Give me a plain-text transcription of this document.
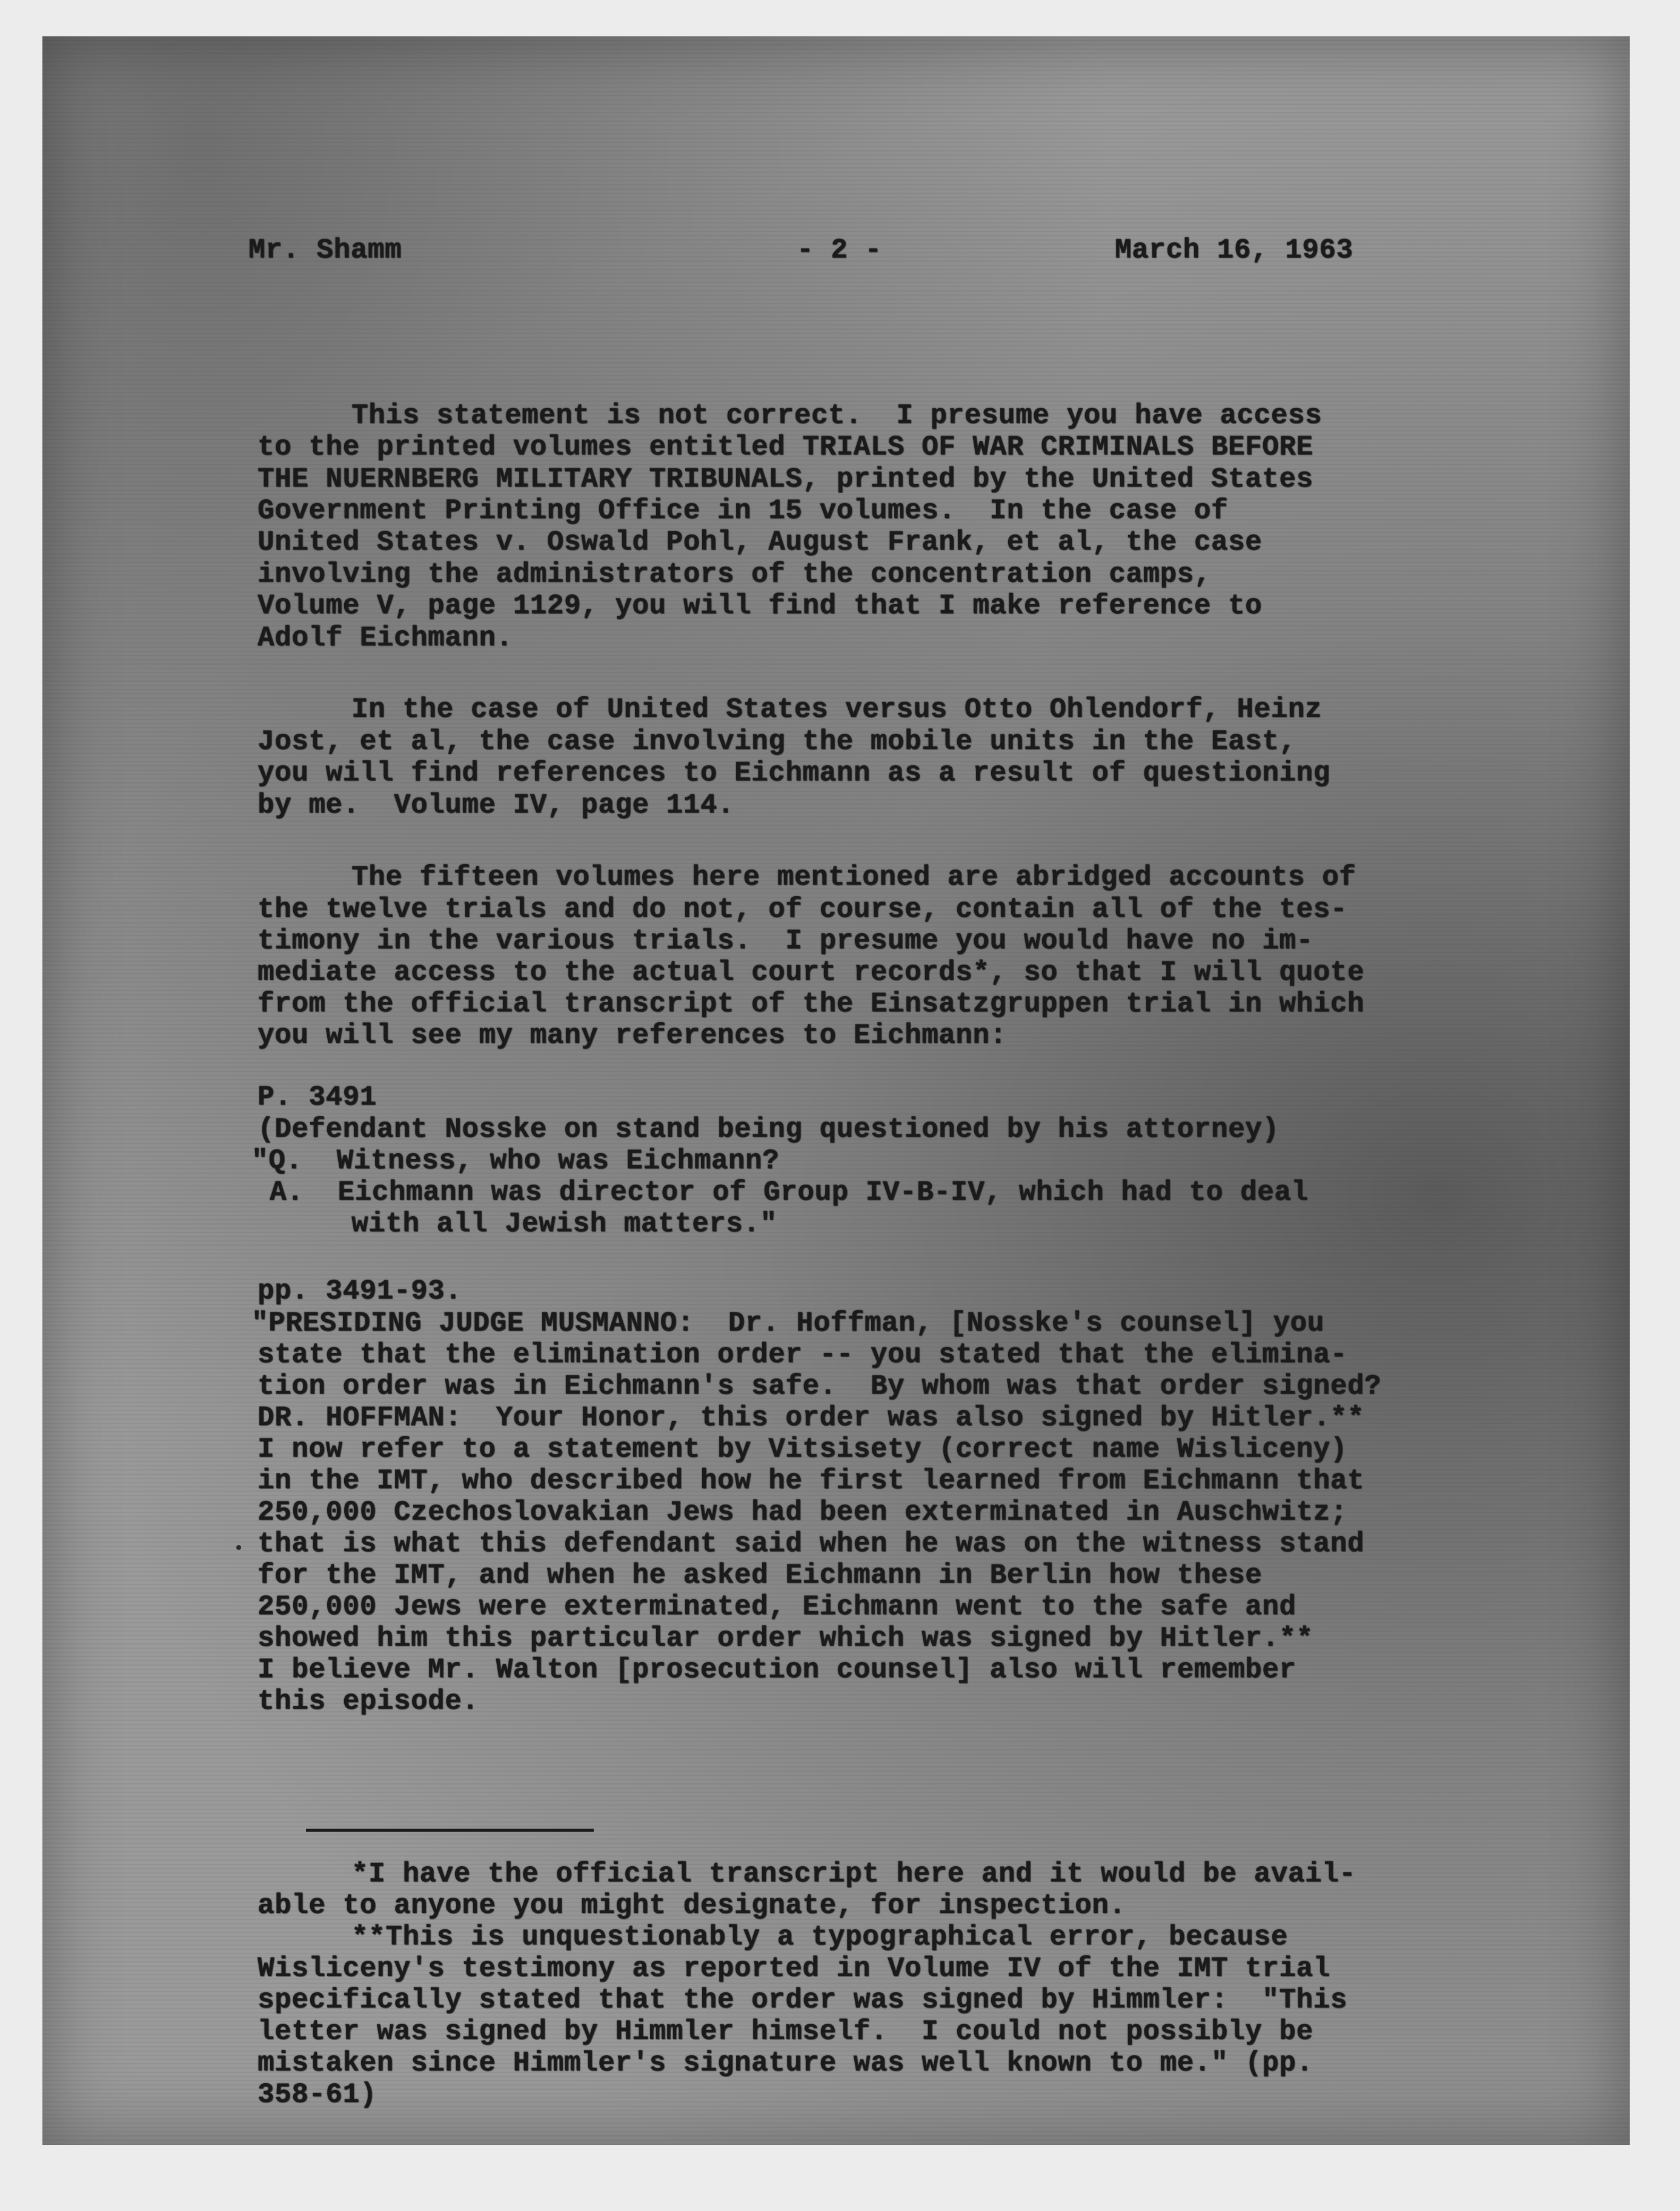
Mr. Shamm	- 2 -	March 16, 1963
This statement is not correct.  I presume you have access
to the printed volumes entitled TRIALS OF WAR CRIMINALS BEFORE
THE NUERNBERG MILITARY TRIBUNALS, printed by the United States
Government Printing Office in 15 volumes.  In the case of
United States v. Oswald Pohl, August Frank, et al, the case
involving the administrators of the concentration camps,
Volume V, page 1129, you will find that I make reference to
Adolf Eichmann.
In the case of United States versus Otto Ohlendorf, Heinz
Jost, et al, the case involving the mobile units in the East,
you will find references to Eichmann as a result of questioning
by me.  Volume IV, page 114.
The fifteen volumes here mentioned are abridged accounts of
the twelve trials and do not, of course, contain all of the tes-
timony in the various trials.  I presume you would have no im-
mediate access to the actual court records*, so that I will quote
from the official transcript of the Einsatzgruppen trial in which
you will see my many references to Eichmann:
P. 3491
(Defendant Nosske on stand being questioned by his attorney)
"Q.  Witness, who was Eichmann?
A.  Eichmann was director of Group IV-B-IV, which had to deal
with all Jewish matters."
pp. 3491-93.
"PRESIDING JUDGE MUSMANNO:  Dr. Hoffman, [Nosske's counsel] you
state that the elimination order -- you stated that the elimina-
tion order was in Eichmann's safe.  By whom was that order signed?
DR. HOFFMAN:  Your Honor, this order was also signed by Hitler.**
I now refer to a statement by Vitsisety (correct name Wisliceny)
in the IMT, who described how he first learned from Eichmann that
250,000 Czechoslovakian Jews had been exterminated in Auschwitz;
that is what this defendant said when he was on the witness stand
for the IMT, and when he asked Eichmann in Berlin how these
250,000 Jews were exterminated, Eichmann went to the safe and
showed him this particular order which was signed by Hitler.**
I believe Mr. Walton [prosecution counsel] also will remember
this episode.
*I have the official transcript here and it would be avail-
able to anyone you might designate, for inspection.
**This is unquestionably a typographical error, because
Wisliceny's testimony as reported in Volume IV of the IMT trial
specifically stated that the order was signed by Himmler:  "This
letter was signed by Himmler himself.  I could not possibly be
mistaken since Himmler's signature was well known to me." (pp.
358-61)
